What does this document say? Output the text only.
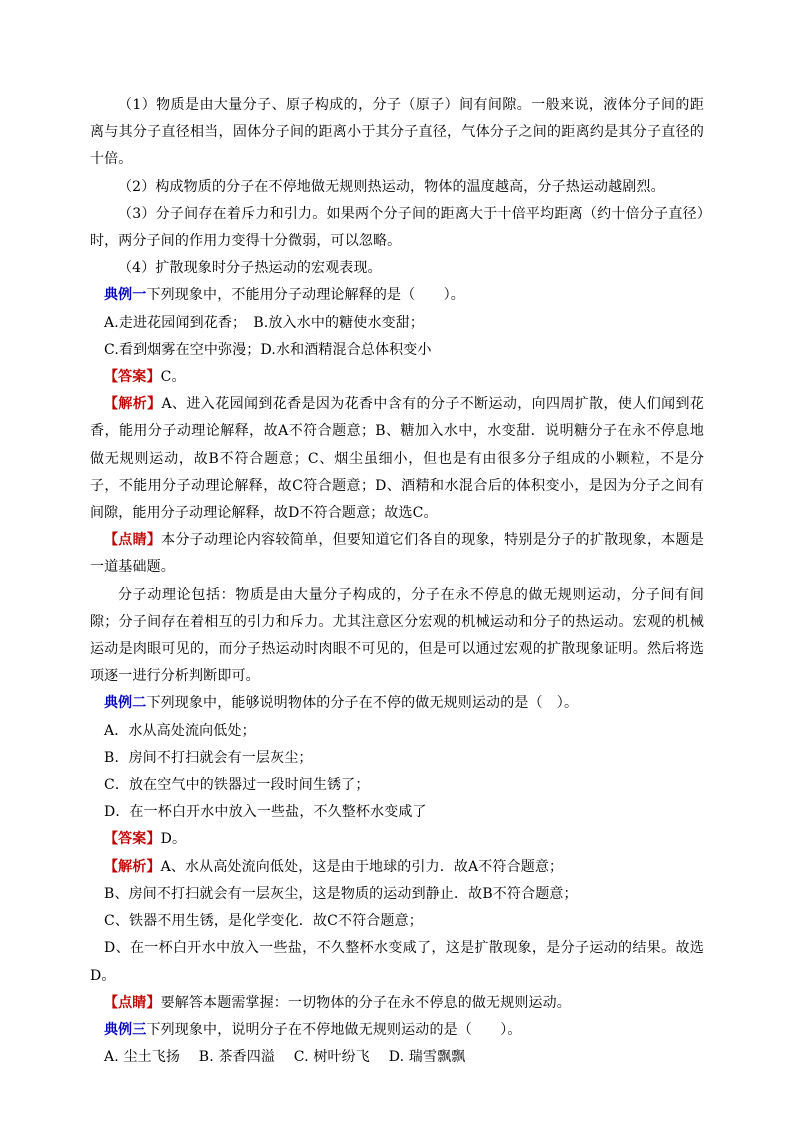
（1）物质是由大量分子、原子构成的，分子（原子）间有间隙。一般来说，液体分子间的距离与其分子直径相当，固体分子间的距离小于其分子直径，气体分子之间的距离约是其分子直径的十倍。

（2）构成物质的分子在不停地做无规则热运动，物体的温度越高，分子热运动越剧烈。

（3）分子间存在着斥力和引力。如果两个分子间的距离大于十倍平均距离（约十倍分子直径）时，两分子间的作用力变得十分微弱，可以忽略。

（4）扩散现象时分子热运动的宏观表现。

典例一下列现象中，不能用分子动理论解释的是（　　）。

A.走进花园闻到花香；　B.放入水中的糖使水变甜；

C.看到烟雾在空中弥漫；D.水和酒精混合总体积变小

【答案】C。

【解析】A、进入花园闻到花香是因为花香中含有的分子不断运动，向四周扩散，使人们闻到花香，能用分子动理论解释，故A不符合题意；B、糖加入水中，水变甜．说明糖分子在永不停息地做无规则运动，故B不符合题意；C、烟尘虽细小，但也是有由很多分子组成的小颗粒，不是分子，不能用分子动理论解释，故C符合题意；D、酒精和水混合后的体积变小，是因为分子之间有间隙，能用分子动理论解释，故D不符合题意；故选C。

【点睛】本分子动理论内容较简单，但要知道它们各自的现象，特别是分子的扩散现象，本题是一道基础题。

分子动理论包括：物质是由大量分子构成的，分子在永不停息的做无规则运动，分子间有间隙；分子间存在着相互的引力和斥力。尤其注意区分宏观的机械运动和分子的热运动。宏观的机械运动是肉眼可见的，而分子热运动时肉眼不可见的，但是可以通过宏观的扩散现象证明。然后将选项逐一进行分析判断即可。

典例二下列现象中，能够说明物体的分子在不停的做无规则运动的是（　）。

A．水从高处流向低处；

B．房间不打扫就会有一层灰尘；

C．放在空气中的铁器过一段时间生锈了；

D．在一杯白开水中放入一些盐，不久整杯水变咸了

【答案】D。

【解析】A、水从高处流向低处，这是由于地球的引力．故A不符合题意；

B、房间不打扫就会有一层灰尘，这是物质的运动到静止．故B不符合题意；

C、铁器不用生锈，是化学变化．故C不符合题意；

D、在一杯白开水中放入一些盐，不久整杯水变咸了，这是扩散现象，是分子运动的结果。故选D。

【点睛】要解答本题需掌握：一切物体的分子在永不停息的做无规则运动。

典例三下列现象中，说明分子在不停地做无规则运动的是（　　）。

A. 尘土飞扬　 B. 茶香四溢　 C. 树叶纷飞　 D. 瑞雪飘飘
